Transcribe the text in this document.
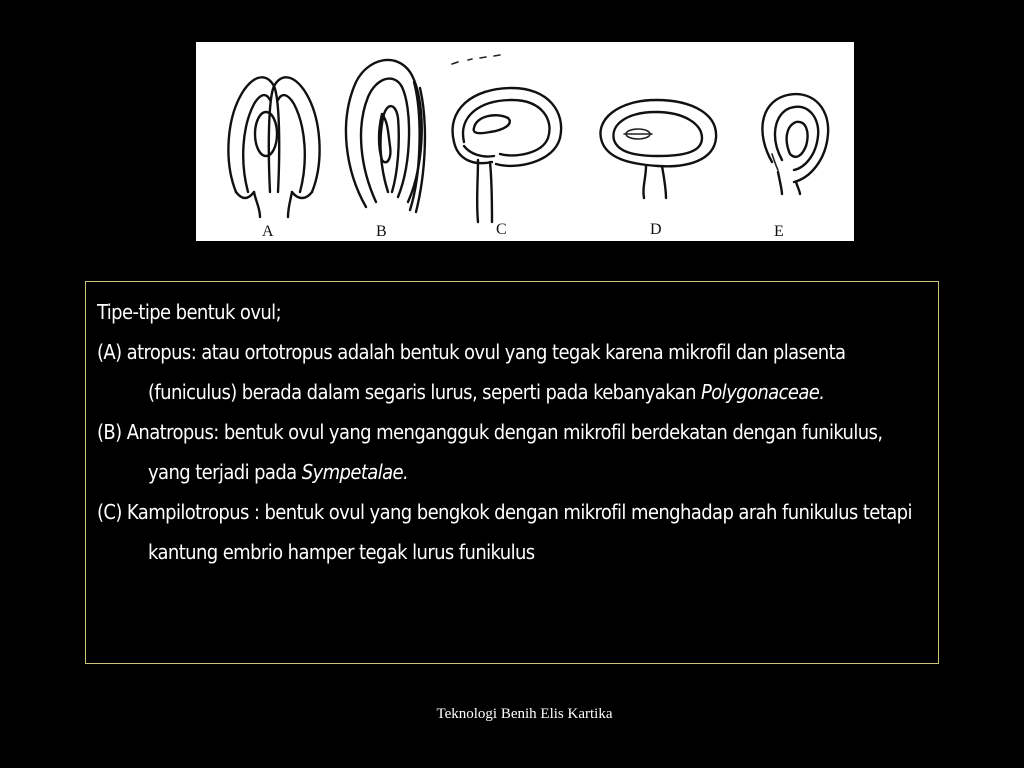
A	B	C	D	E

Tipe-tipe bentuk ovul;

(A) atropus: atau ortotropus adalah bentuk ovul yang tegak karena mikrofil dan plasenta (funiculus) berada dalam segaris lurus, seperti pada kebanyakan Polygonaceae.

(B) Anatropus: bentuk ovul yang mengangguk dengan mikrofil berdekatan dengan funikulus, yang terjadi pada Sympetalae.

(C) Kampilotropus : bentuk ovul yang bengkok dengan mikrofil menghadap arah funikulus tetapi kantung embrio hamper tegak lurus funikulus

Teknologi Benih Elis Kartika
